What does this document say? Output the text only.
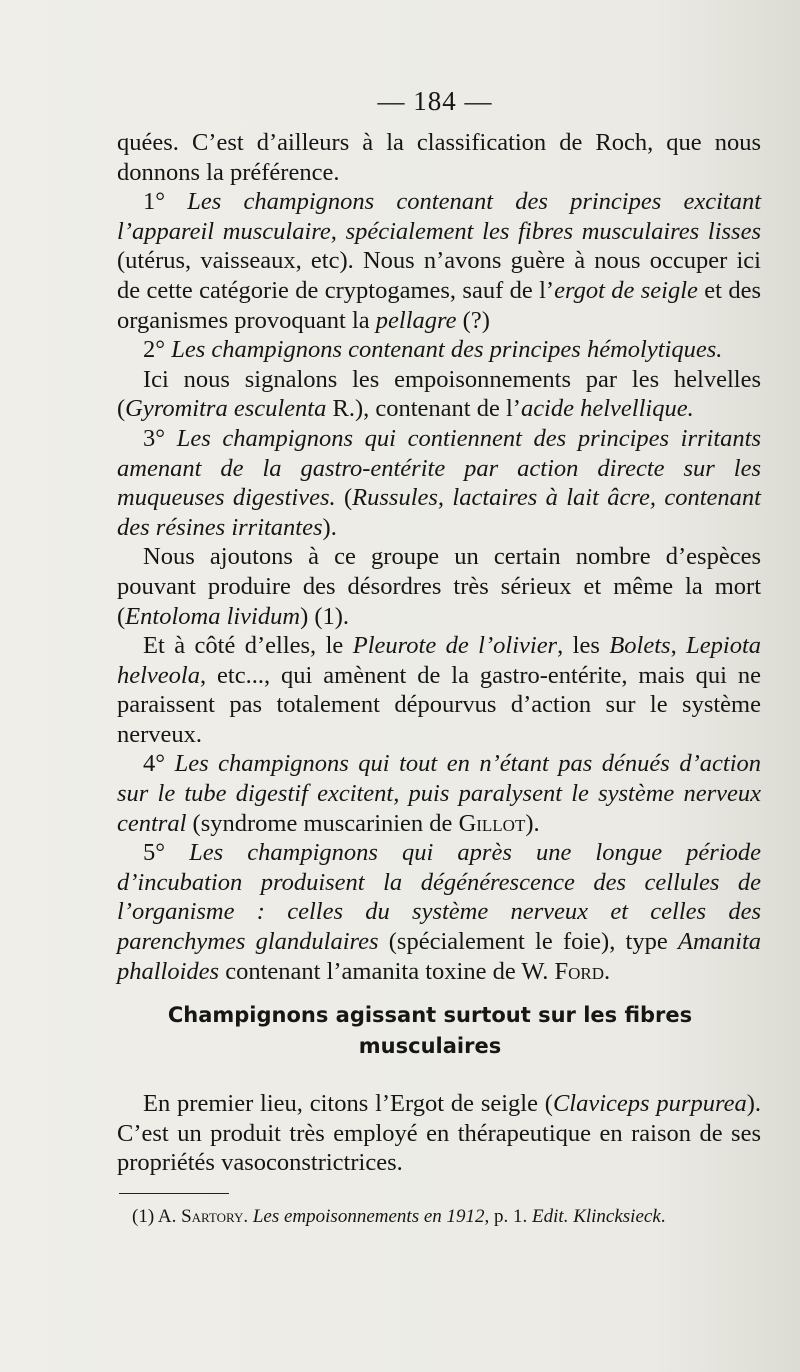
— 184 —

quées. C’est d’ailleurs à la classification de Roch, que nous donnons la préférence.

1° Les champignons contenant des principes excitant l’appareil musculaire, spécialement les fibres musculaires lisses (utérus, vaisseaux, etc). Nous n’avons guère à nous occuper ici de cette catégorie de cryptogames, sauf de l’ergot de seigle et des organismes provoquant la pellagre (?)

2° Les champignons contenant des principes hémolytiques.

Ici nous signalons les empoisonnements par les helvelles (Gyromitra esculenta R.), contenant de l’acide helvellique.

3° Les champignons qui contiennent des principes irritants amenant de la gastro-entérite par action directe sur les muqueuses digestives. (Russules, lactaires à lait âcre, contenant des résines irritantes).

Nous ajoutons à ce groupe un certain nombre d’espèces pouvant produire des désordres très sérieux et même la mort (Entoloma lividum) (1).

Et à côté d’elles, le Pleurote de l’olivier, les Bolets, Lepiota helveola, etc..., qui amènent de la gastro-entérite, mais qui ne paraissent pas totalement dépourvus d’action sur le système nerveux.

4° Les champignons qui tout en n’étant pas dénués d’action sur le tube digestif excitent, puis paralysent le système nerveux central (syndrome muscarinien de Gillot).

5° Les champignons qui après une longue période d’incubation produisent la dégénérescence des cellules de l’organisme : celles du système nerveux et celles des parenchymes glandulaires (spécialement le foie), type Amanita phalloides contenant l’amanita toxine de W. Ford.

Champignons agissant surtout sur les fibres musculaires

En premier lieu, citons l’Ergot de seigle (Claviceps purpurea). C’est un produit très employé en thérapeutique en raison de ses propriétés vasoconstrictrices.

(1) A. Sartory. Les empoisonnements en 1912, p. 1. Edit. Klincksieck.
